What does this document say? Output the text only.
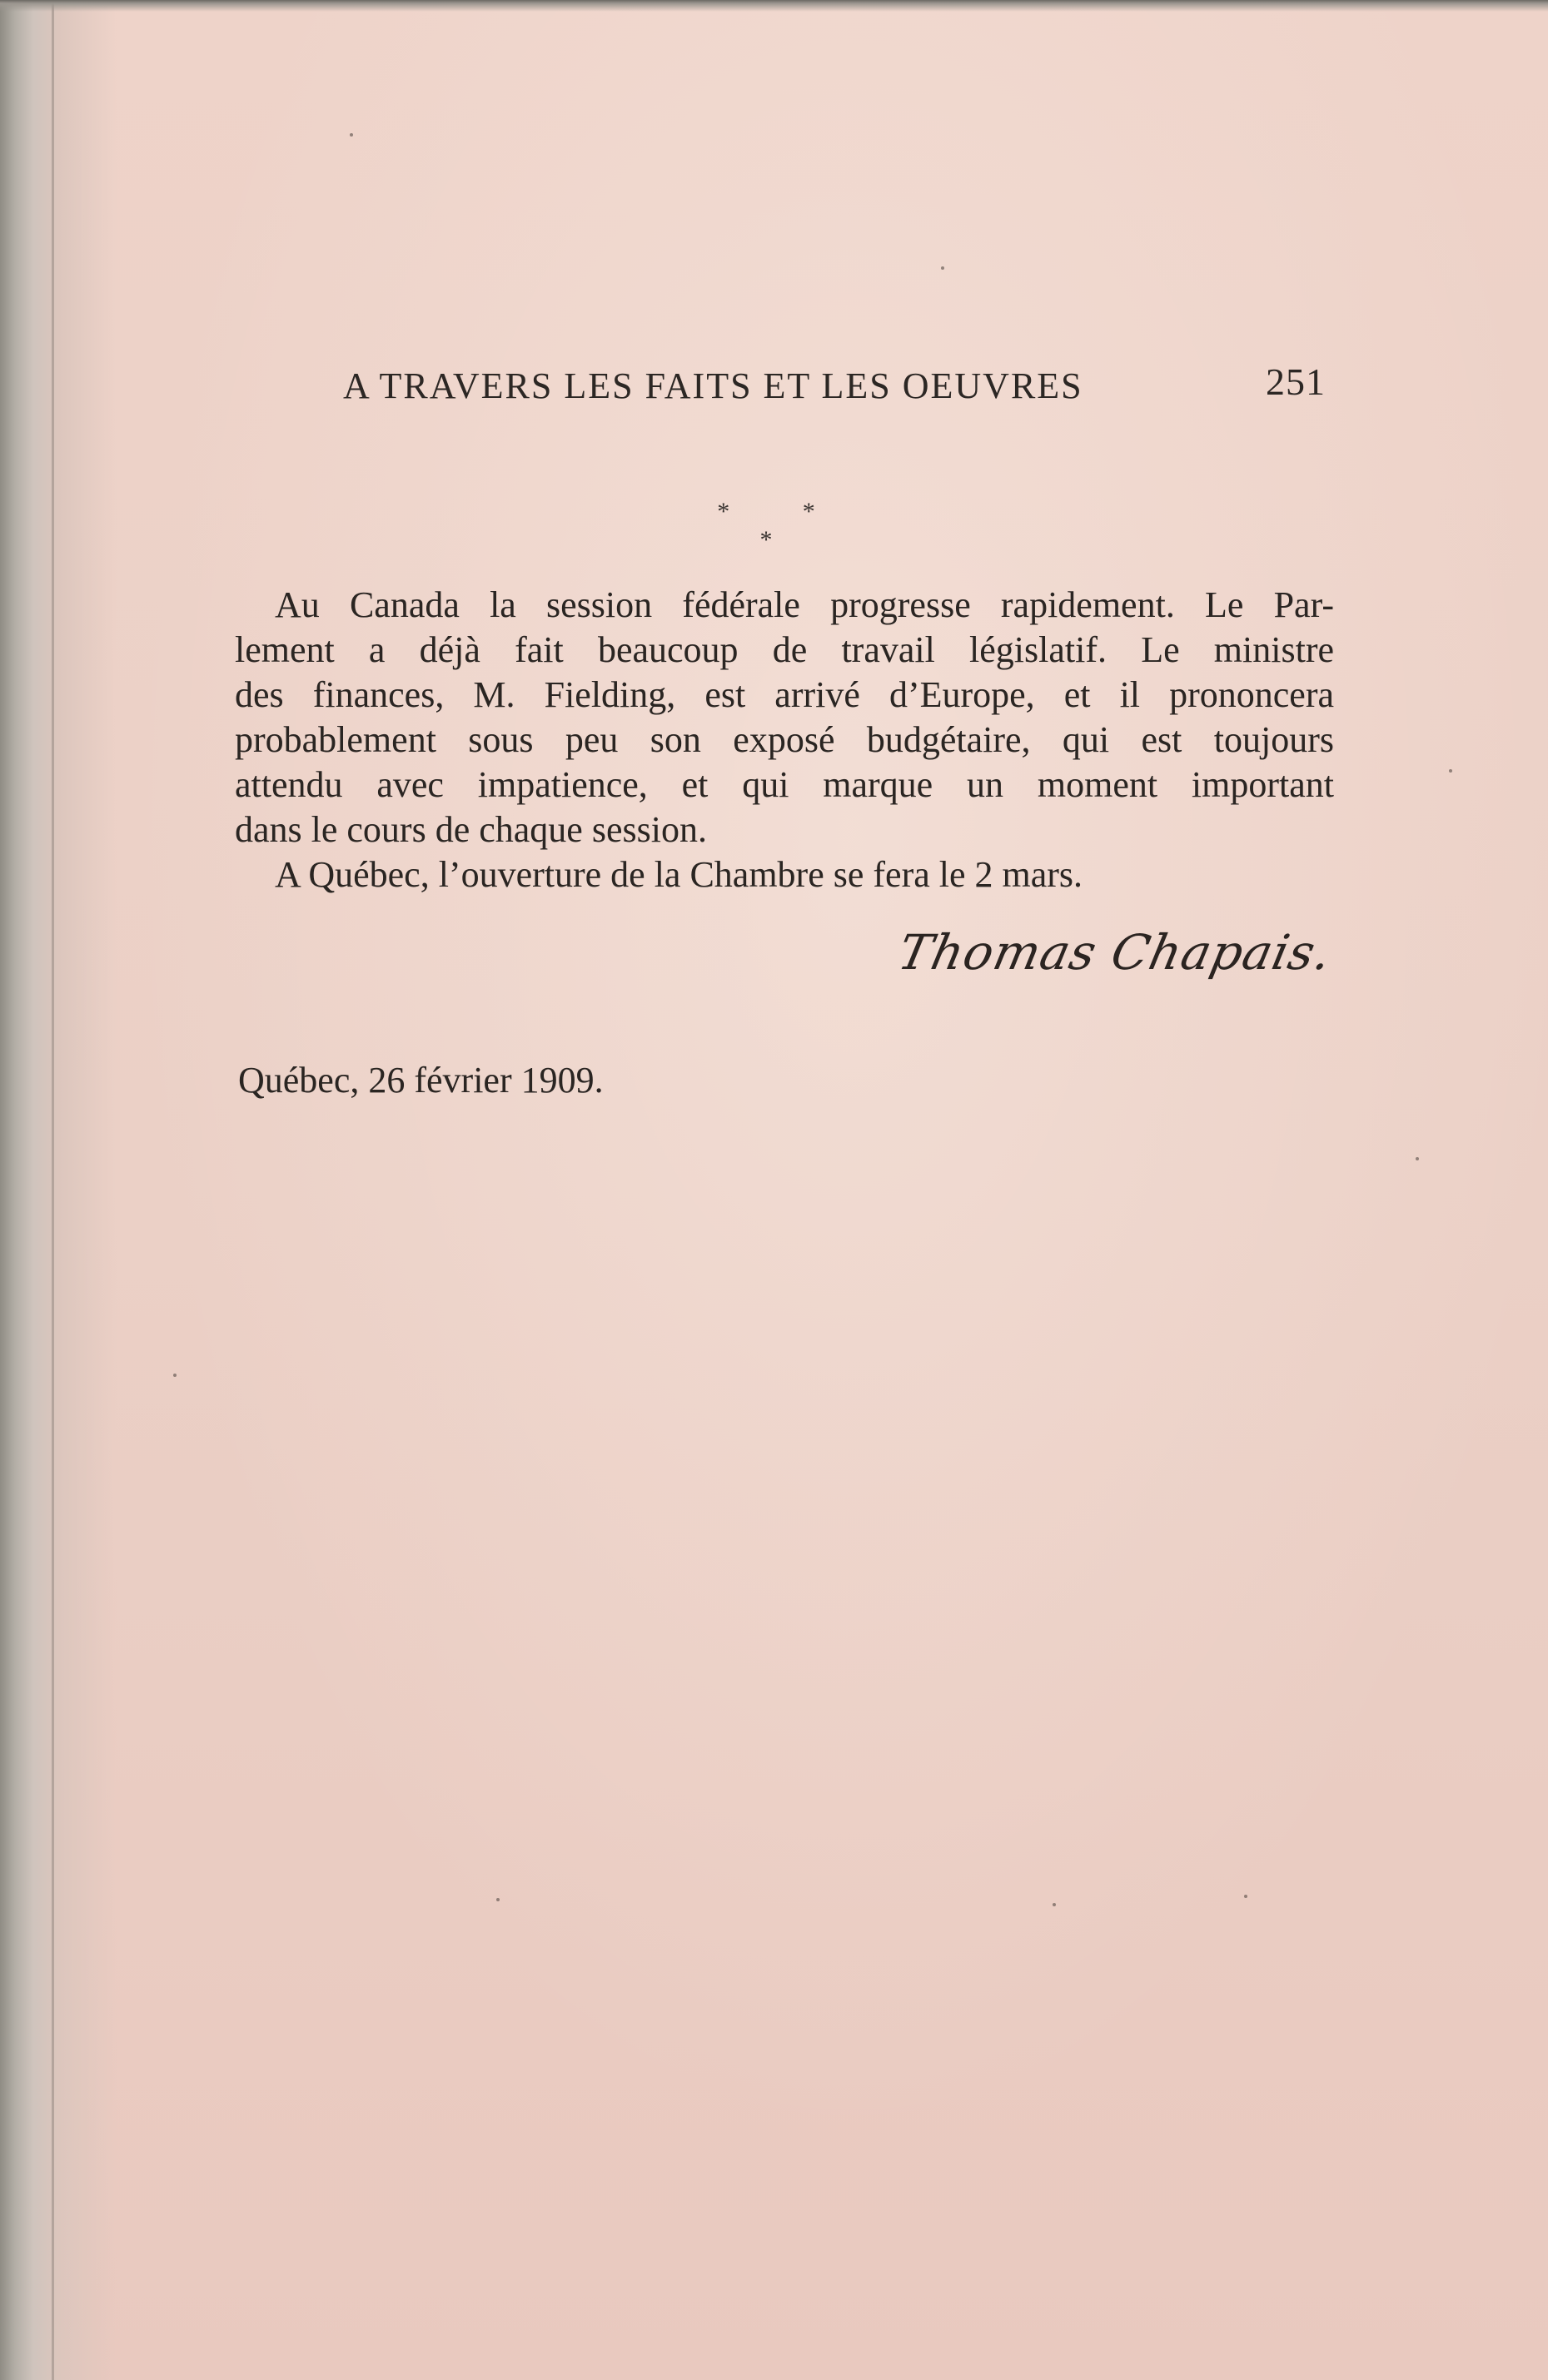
A TRAVERS LES FAITS ET LES OEUVRES	251
* * *
Au Canada la session fédérale progresse rapidement. Le Par-
lement a déjà fait beaucoup de travail législatif. Le ministre
des finances, M. Fielding, est arrivé d’Europe, et il prononcera
probablement sous peu son exposé budgétaire, qui est toujours
attendu avec impatience, et qui marque un moment important
dans le cours de chaque session.
A Québec, l’ouverture de la Chambre se fera le 2 mars.
Thomas Chapais.
Québec, 26 février 1909.
